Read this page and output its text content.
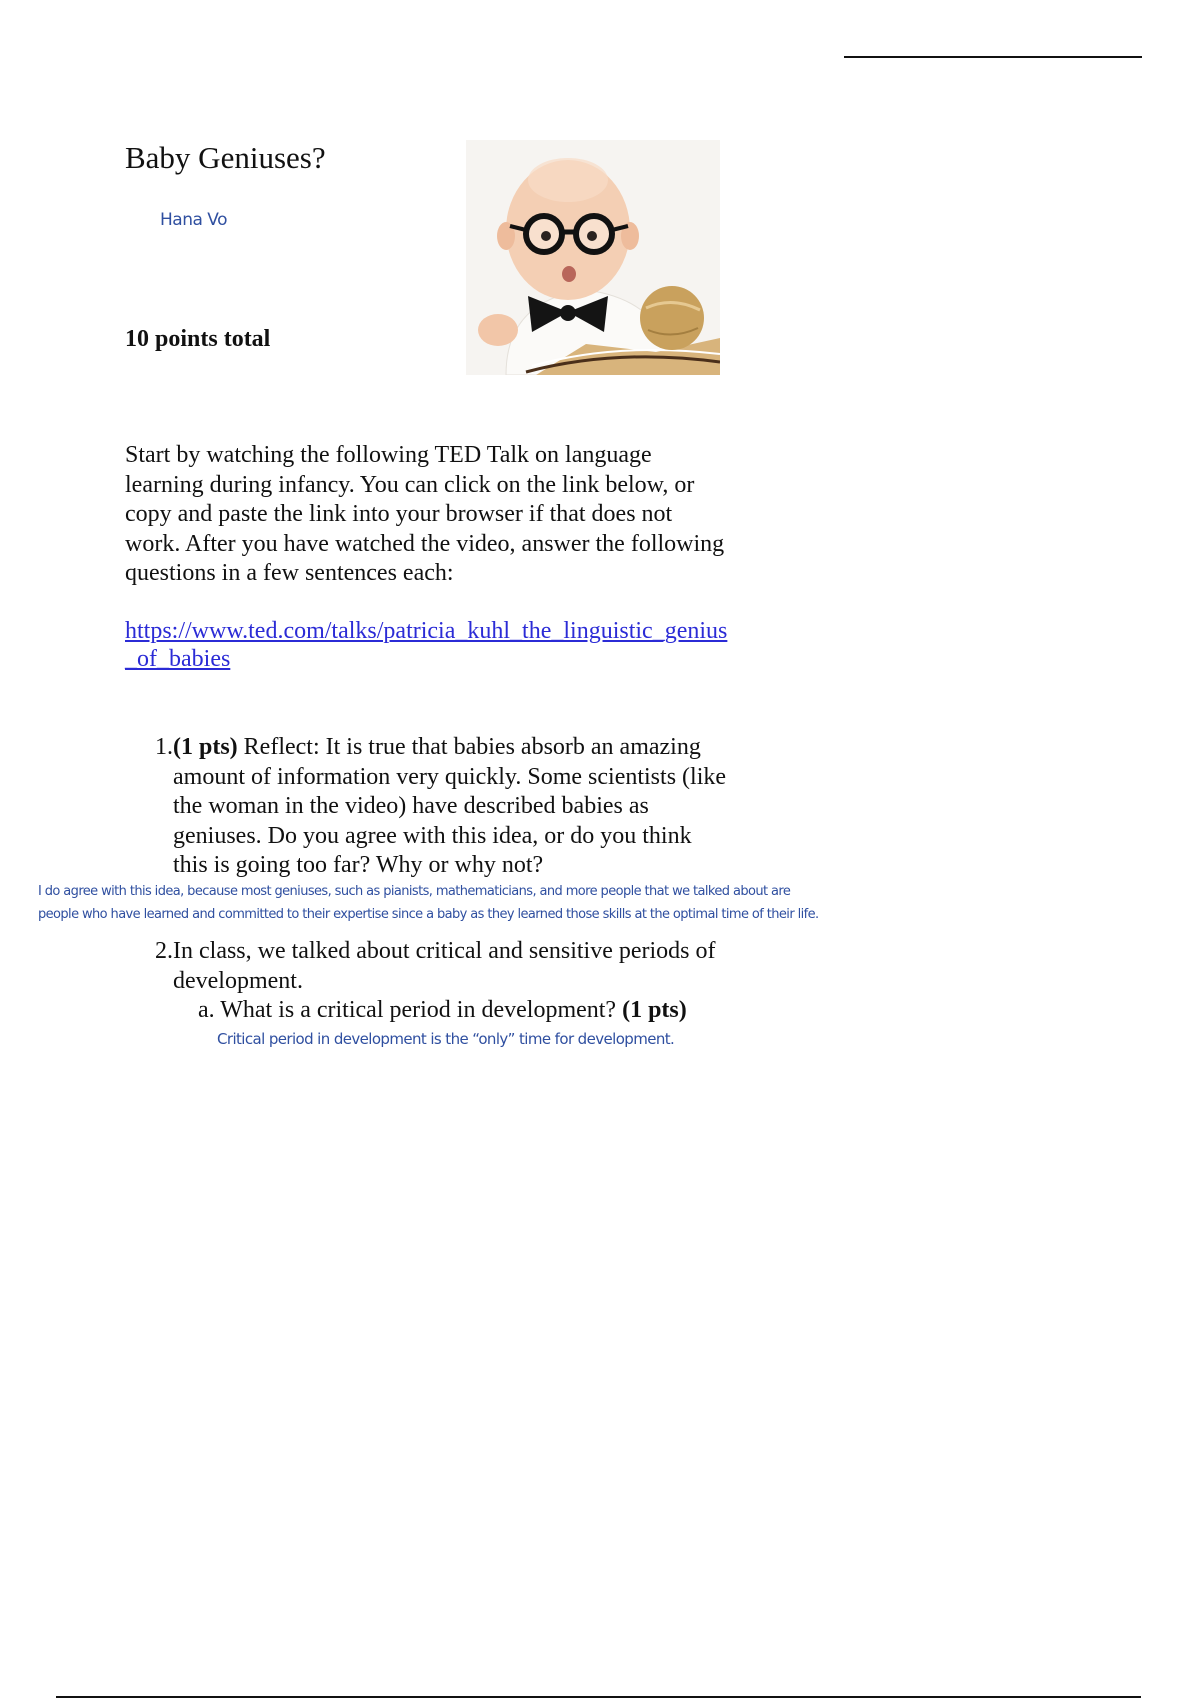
Baby Geniuses?
Hana Vo
10 points total
Start by watching the following TED Talk on language learning during infancy. You can click on the link below, or copy and paste the link into your browser if that does not work. After you have watched the video, answer the following questions in a few sentences each:
https://www.ted.com/talks/patricia_kuhl_the_linguistic_genius_of_babies
1. (1 pts) Reflect: It is true that babies absorb an amazing amount of information very quickly. Some scientists (like the woman in the video) have described babies as geniuses. Do you agree with this idea, or do you think this is going too far? Why or why not?
I do agree with this idea, because most geniuses, such as pianists, mathematicians, and more people that we talked about are people who have learned and committed to their expertise since a baby as they learned those skills at the optimal time of their life.
2. In class, we talked about critical and sensitive periods of development.
a. What is a critical period in development? (1 pts)
Critical period in development is the “only” time for development.
